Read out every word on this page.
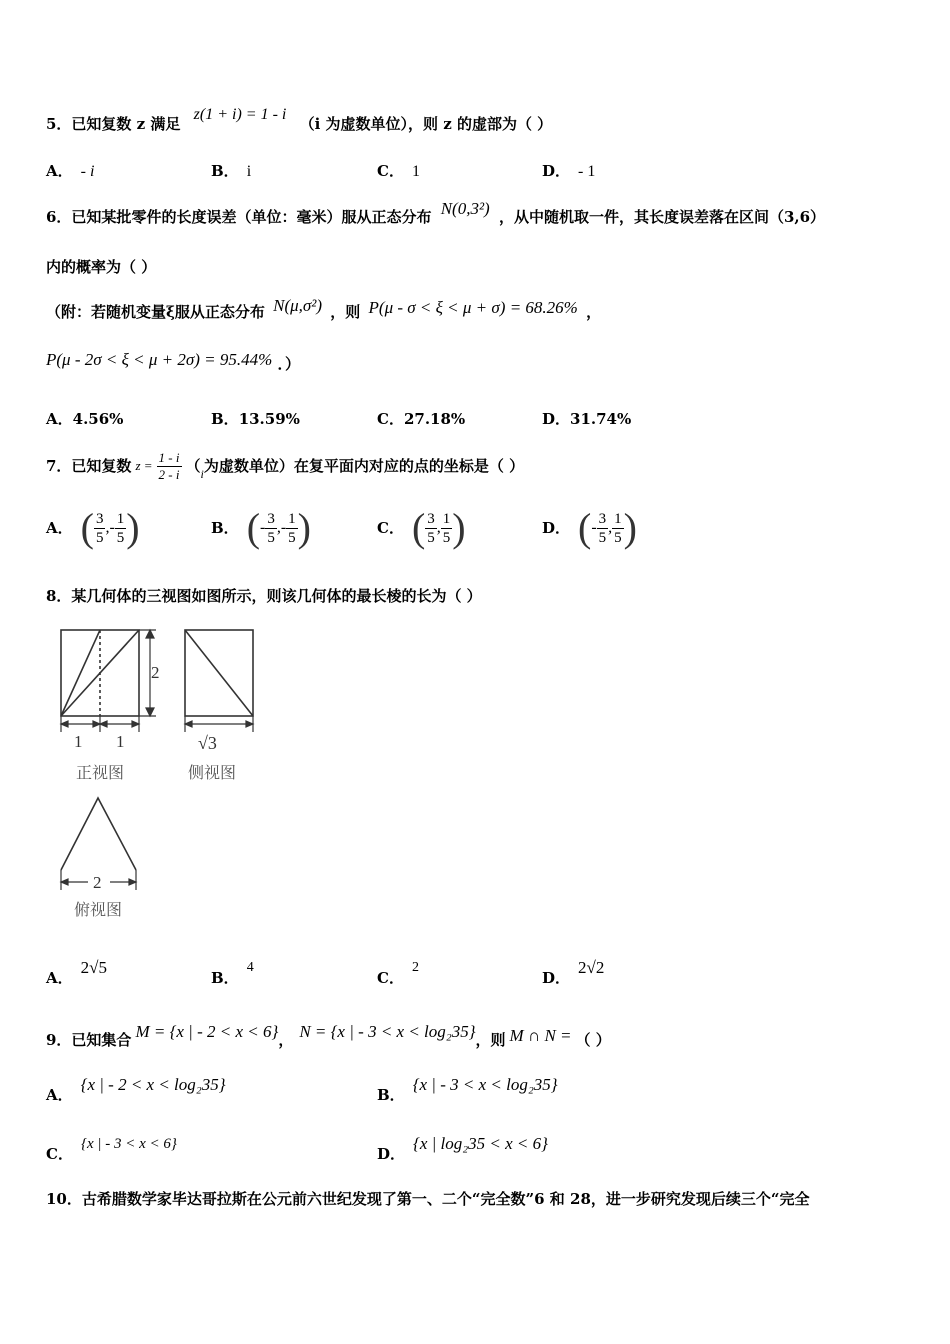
5．已知复数 z 满足 z(1 + i) = 1 - i （i 为虚数单位），则 z 的虚部为（ ）
A． - i	B． i	C． 1	D． - 1
6．已知某批零件的长度误差（单位：毫米）服从正态分布 N(0,3²) ，从中随机取一件，其长度误差落在区间（3,6）
内的概率为（ ）
（附：若随机变量ξ服从正态分布 N(μ,σ²) ，则 P(μ - σ < ξ < μ + σ) = 68.26% ，
P(μ - 2σ < ξ < μ + 2σ) = 95.44% ．）
A．4.56%	B．13.59%	C．27.18%	D．31.74%
7．已知复数 $z = \frac{1 - i}{2 - i}$ （ i 为虚数单位）在复平面内对应的点的坐标是（ ）
A． ( $\frac{3}{5}$ , - $\frac{1}{5}$ )	B． ( - $\frac{3}{5}$ , - $\frac{1}{5}$ )	C． ( $\frac{3}{5}$ , $\frac{1}{5}$ )	D． ( - $\frac{3}{5}$ , $\frac{1}{5}$ )
8．某几何体的三视图如图所示，则该几何体的最长棱的长为（ ）
2
1 1
正视图
√3
侧视图
2
俯视图
A．
2√5
B．
4
C．
2
D．
2√2
9．已知集合 M = {x | - 2 < x < 6} ， N = {x | - 3 < x < log₂35} ，则 M ∩ N = （ ）
A．
{x | - 2 < x < log₂35}
B．
{x | - 3 < x < log₂35}
C．
{x | - 3 < x < 6}
D．
{x | log₂35 < x < 6}
10．古希腊数学家毕达哥拉斯在公元前六世纪发现了第一、二个“完全数”6 和 28，进一步研究发现后续三个“完全
